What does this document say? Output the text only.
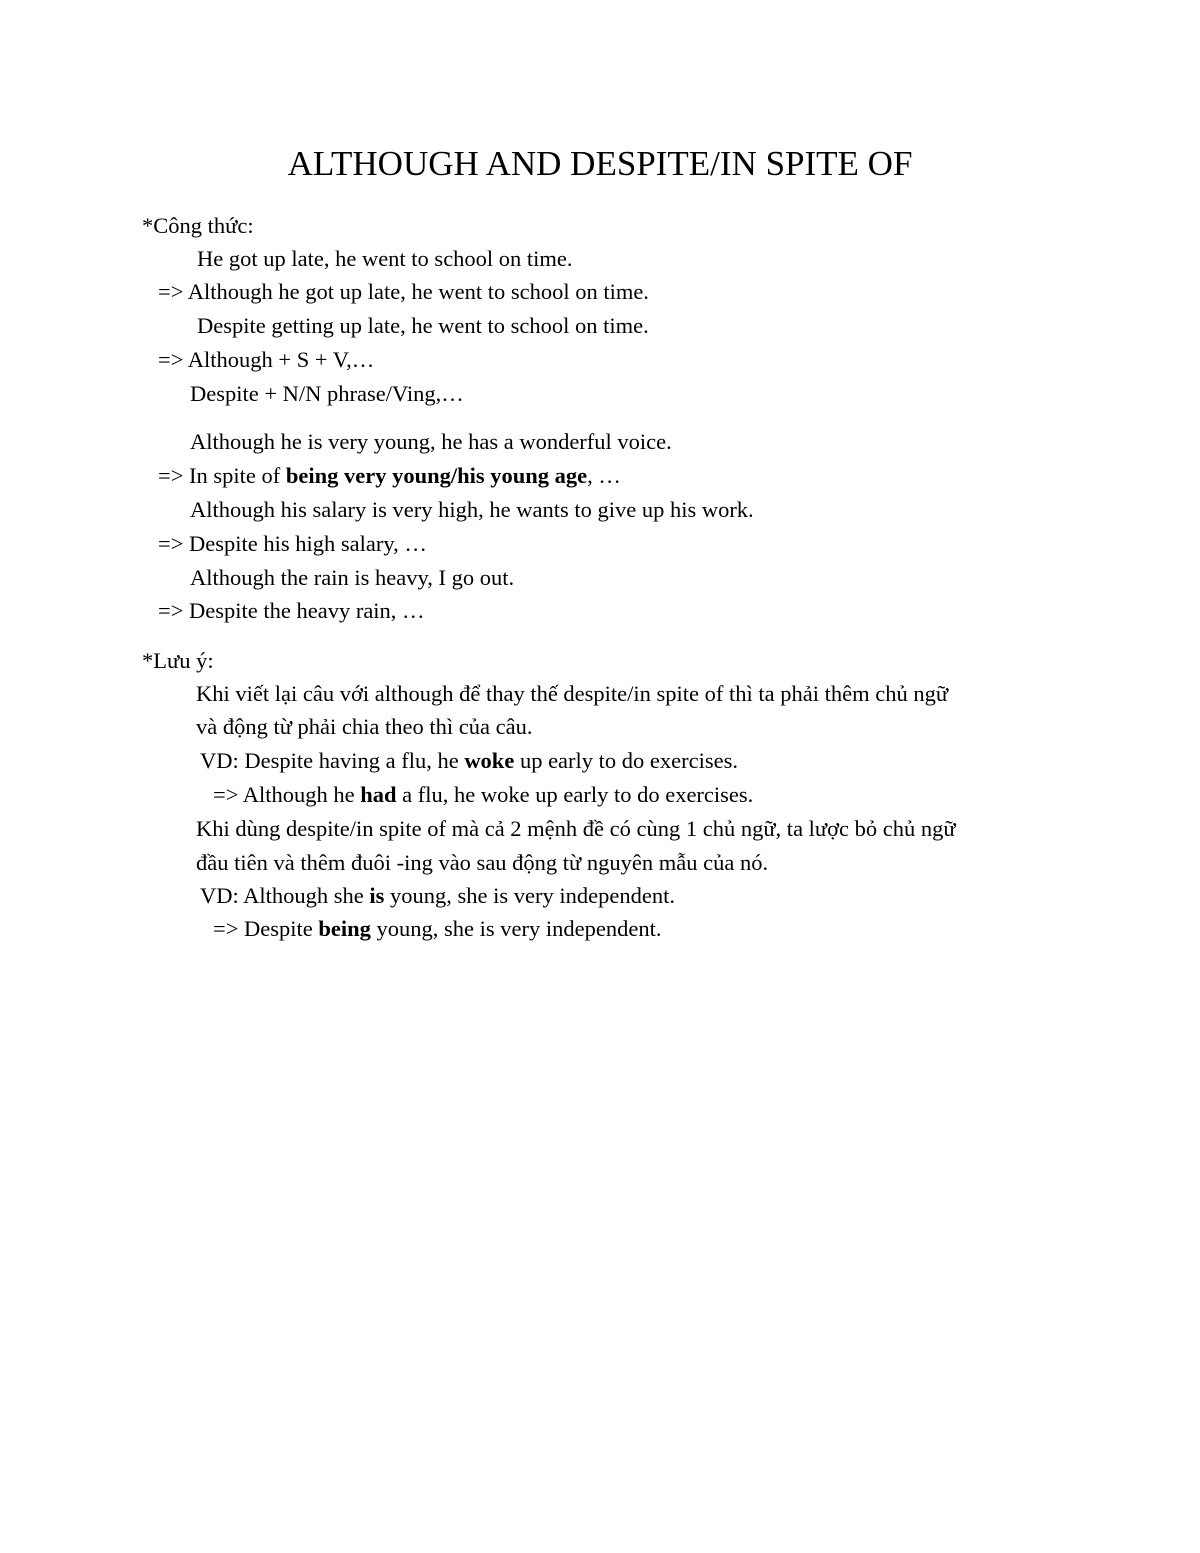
ALTHOUGH AND DESPITE/IN SPITE OF
*Công thức:
He got up late, he went to school on time.
=> Although he got up late, he went to school on time.
Despite getting up late, he went to school on time.
=> Although + S + V,…
Despite + N/N phrase/Ving,…
Although he is very young, he has a wonderful voice.
=> In spite of being very young/his young age, …
Although his salary is very high, he wants to give up his work.
=> Despite his high salary, …
Although the rain is heavy, I go out.
=> Despite the heavy rain, …
*Lưu ý:
Khi viết lại câu với although để thay thế despite/in spite of thì ta phải thêm chủ ngữ
và động từ phải chia theo thì của câu.
VD: Despite having a flu, he woke up early to do exercises.
=> Although he had a flu, he woke up early to do exercises.
Khi dùng despite/in spite of mà cả 2 mệnh đề có cùng 1 chủ ngữ, ta lược bỏ chủ ngữ
đầu tiên và thêm đuôi -ing vào sau động từ nguyên mẫu của nó.
VD: Although she is young, she is very independent.
=> Despite being young, she is very independent.
